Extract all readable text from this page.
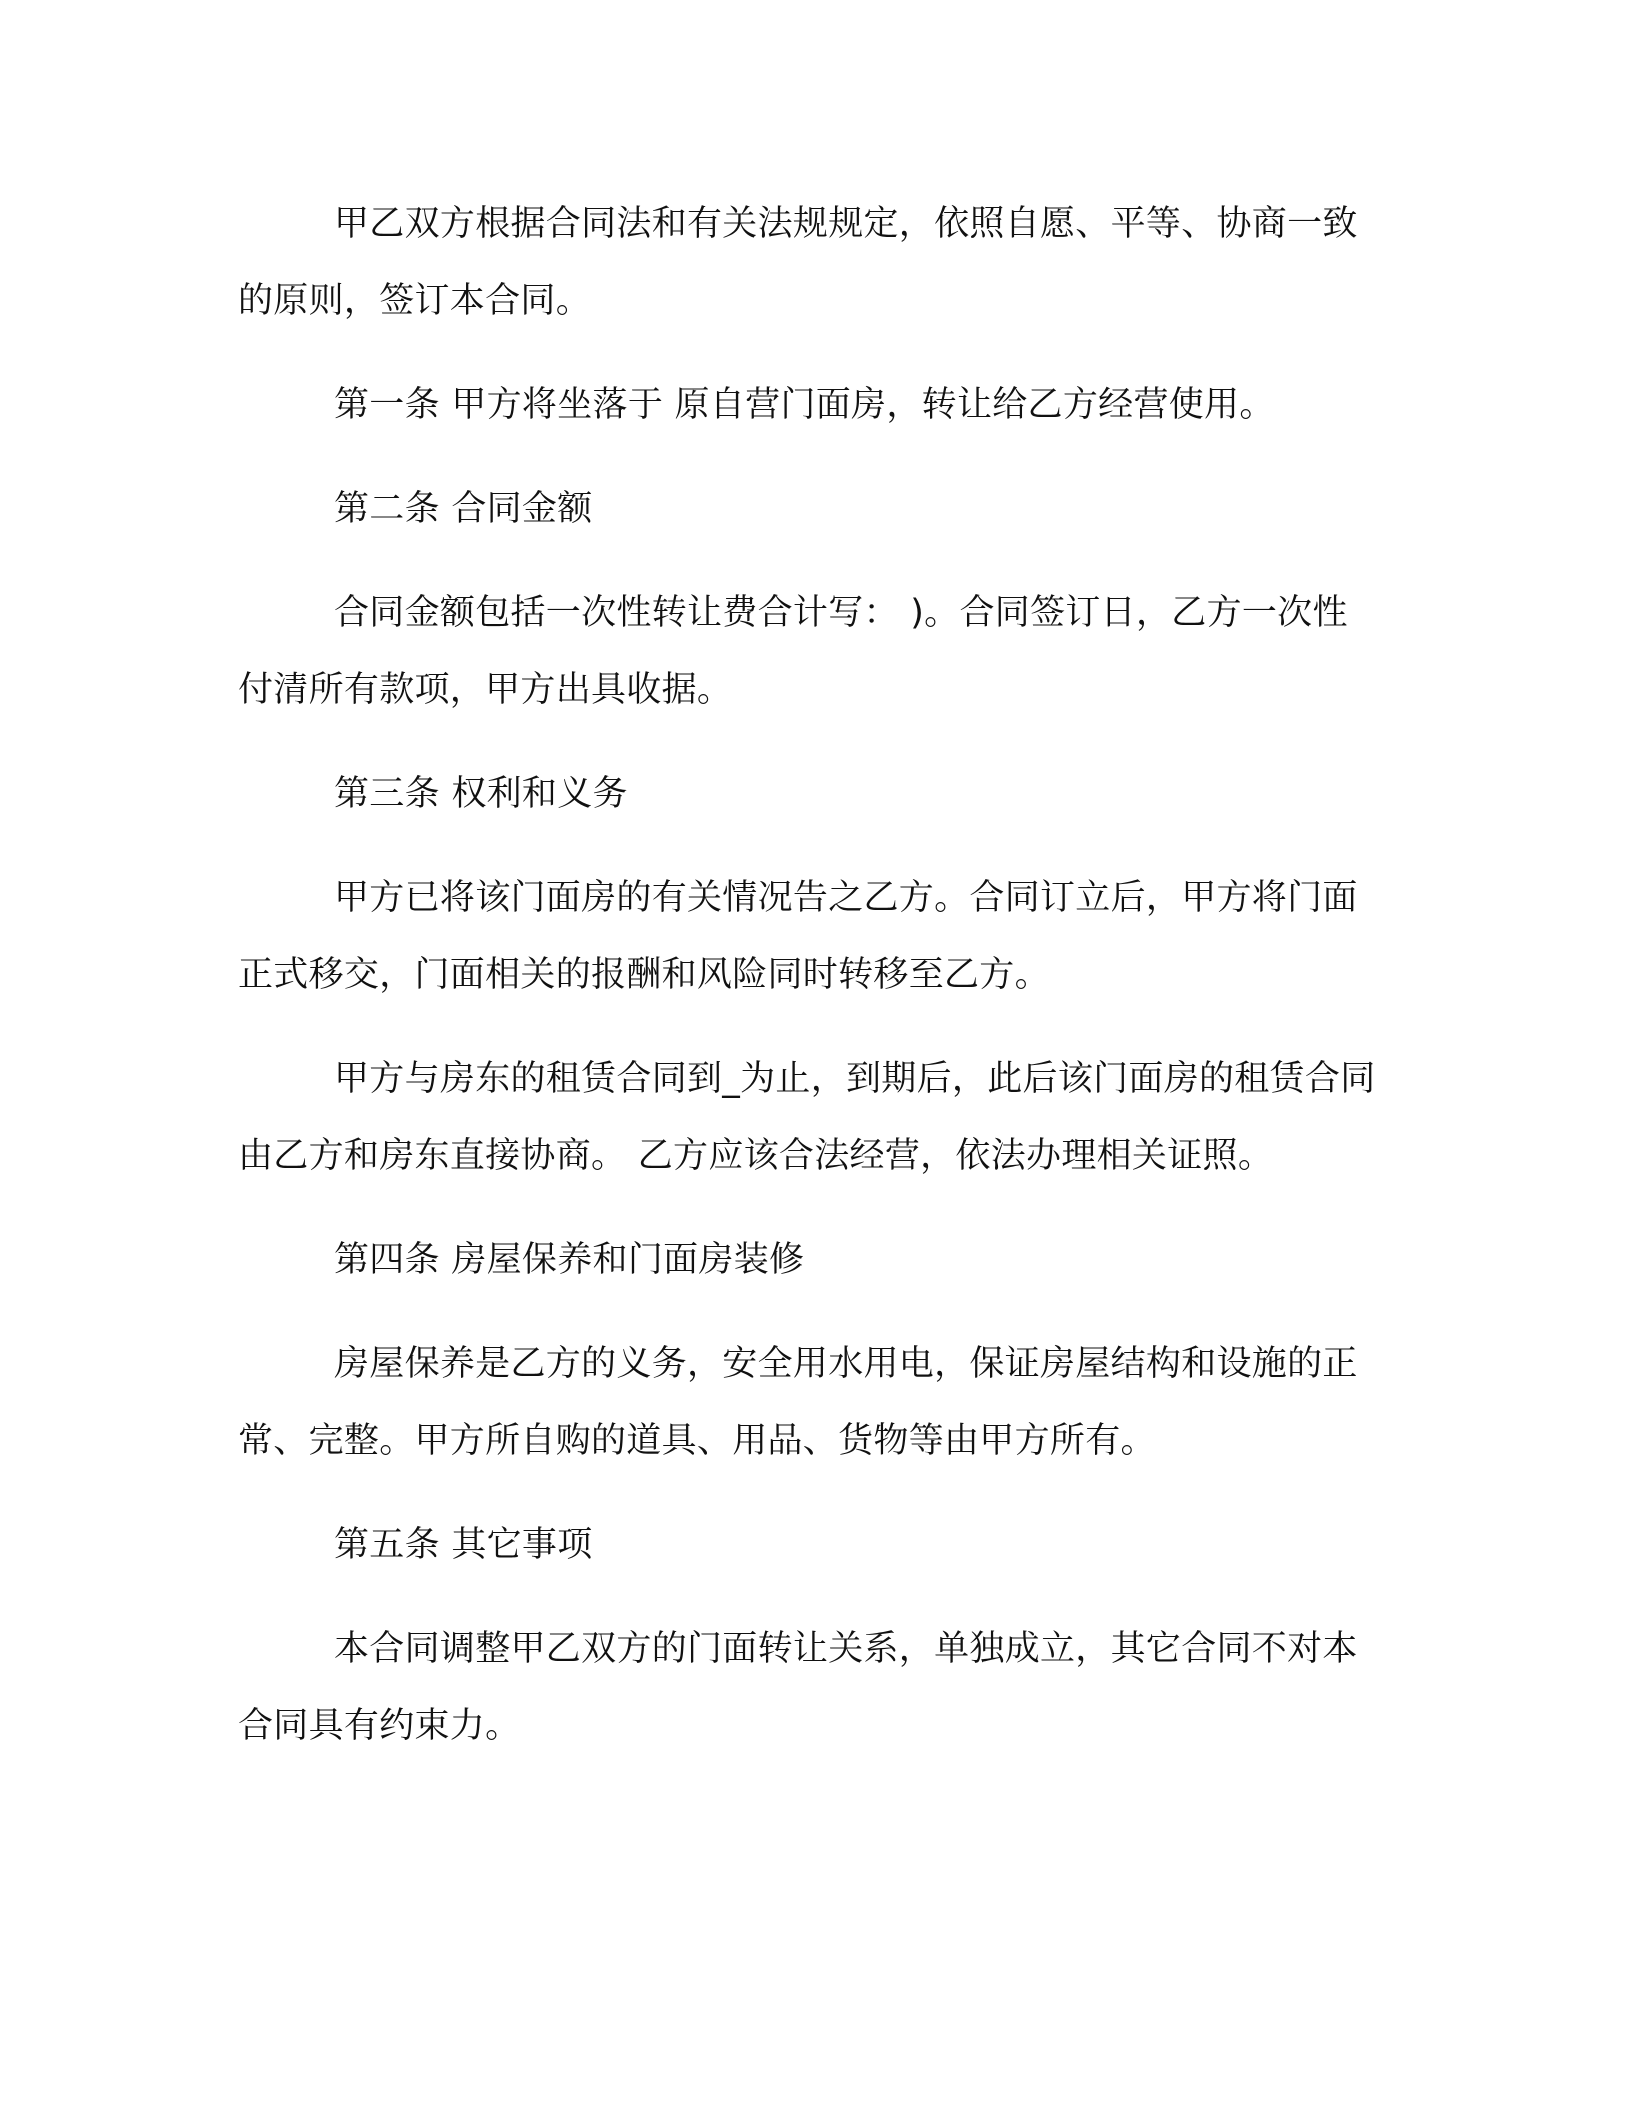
甲乙双方根据合同法和有关法规规定，依照自愿、平等、协商一致的原则，签订本合同。

第一条 甲方将坐落于 原自营门面房，转让给乙方经营使用。

第二条 合同金额

合同金额包括一次性转让费合计写： )。合同签订日，乙方一次性付清所有款项，甲方出具收据。

第三条 权利和义务

甲方已将该门面房的有关情况告之乙方。合同订立后，甲方将门面正式移交，门面相关的报酬和风险同时转移至乙方。

甲方与房东的租赁合同到_为止，到期后，此后该门面房的租赁合同由乙方和房东直接协商。 乙方应该合法经营，依法办理相关证照。

第四条 房屋保养和门面房装修

房屋保养是乙方的义务，安全用水用电，保证房屋结构和设施的正常、完整。甲方所自购的道具、用品、货物等由甲方所有。

第五条 其它事项

本合同调整甲乙双方的门面转让关系，单独成立，其它合同不对本合同具有约束力。
